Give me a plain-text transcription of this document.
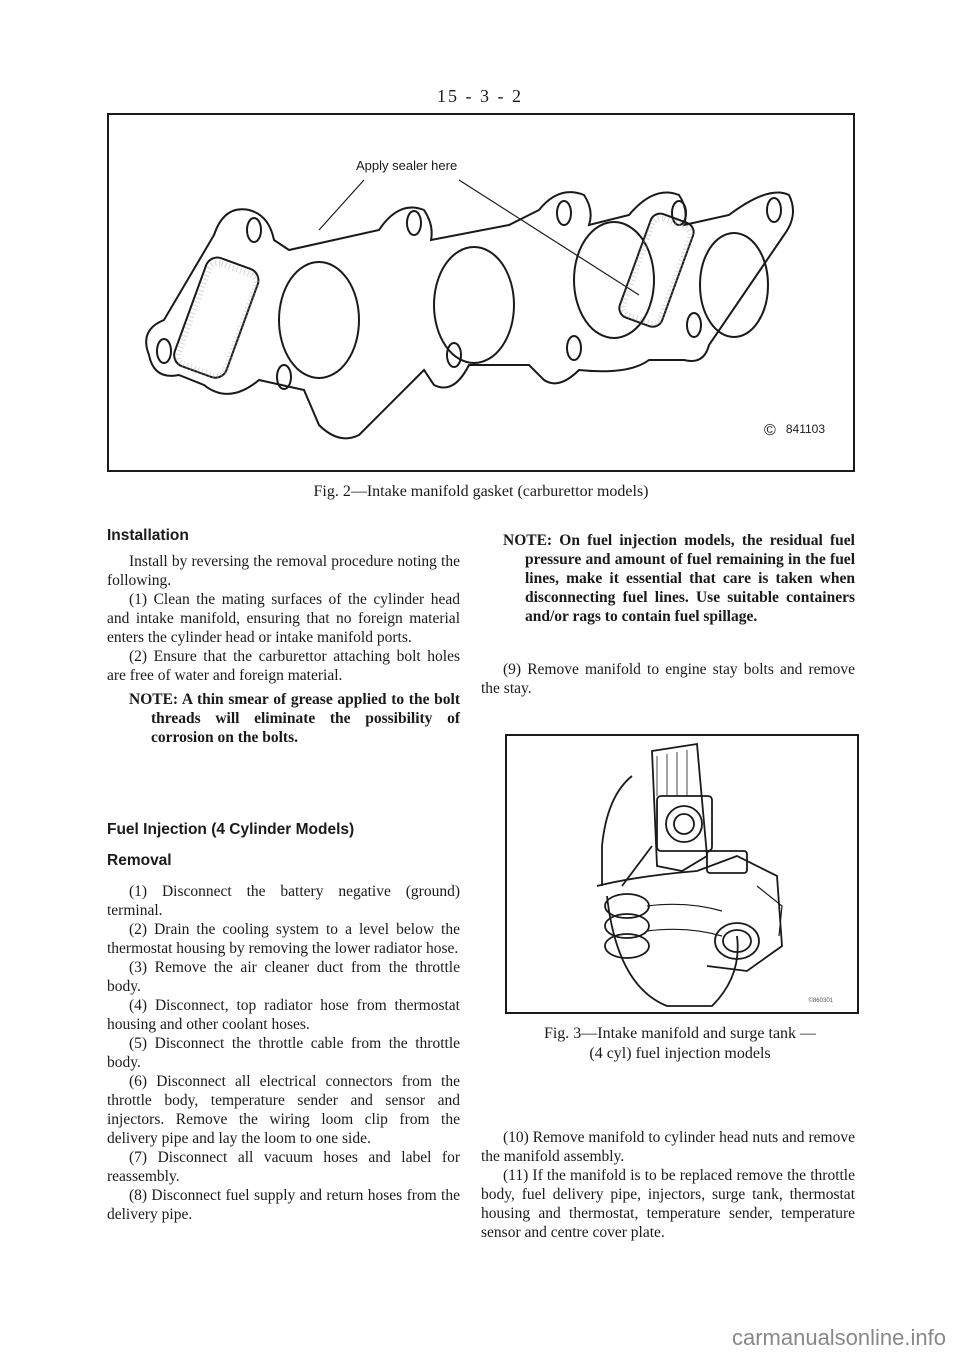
15 - 3 - 2
Apply sealer here
© 841103
Fig. 2—Intake manifold gasket (carburettor models)
Installation

Install by reversing the removal procedure noting the following.

(1) Clean the mating surfaces of the cylinder head and intake manifold, ensuring that no foreign material enters the cylinder head or intake manifold ports.

(2) Ensure that the carburettor attaching bolt holes are free of water and foreign material.

NOTE: A thin smear of grease applied to the bolt threads will eliminate the possibility of corrosion on the bolts.
Fuel Injection (4 Cylinder Models)
Removal

(1) Disconnect the battery negative (ground) terminal.

(2) Drain the cooling system to a level below the thermostat housing by removing the lower radiator hose.

(3) Remove the air cleaner duct from the throttle body.

(4) Disconnect, top radiator hose from thermostat housing and other coolant hoses.

(5) Disconnect the throttle cable from the throttle body.

(6) Disconnect all electrical connectors from the throttle body, temperature sender and sensor and injectors. Remove the wiring loom clip from the delivery pipe and lay the loom to one side.

(7) Disconnect all vacuum hoses and label for reassembly.

(8) Disconnect fuel supply and return hoses from the delivery pipe.

NOTE: On fuel injection models, the residual fuel pressure and amount of fuel remaining in the fuel lines, make it essential that care is taken when disconnecting fuel lines. Use suitable containers and/or rags to contain fuel spillage.

(9) Remove manifold to engine stay bolts and remove the stay.

©860301
Fig. 3—Intake manifold and surge tank —
(4 cyl) fuel injection models

(10) Remove manifold to cylinder head nuts and remove the manifold assembly.

(11) If the manifold is to be replaced remove the throttle body, fuel delivery pipe, injectors, surge tank, thermostat housing and thermostat, temperature sender, temperature sensor and centre cover plate.

carmanualsonline.info
